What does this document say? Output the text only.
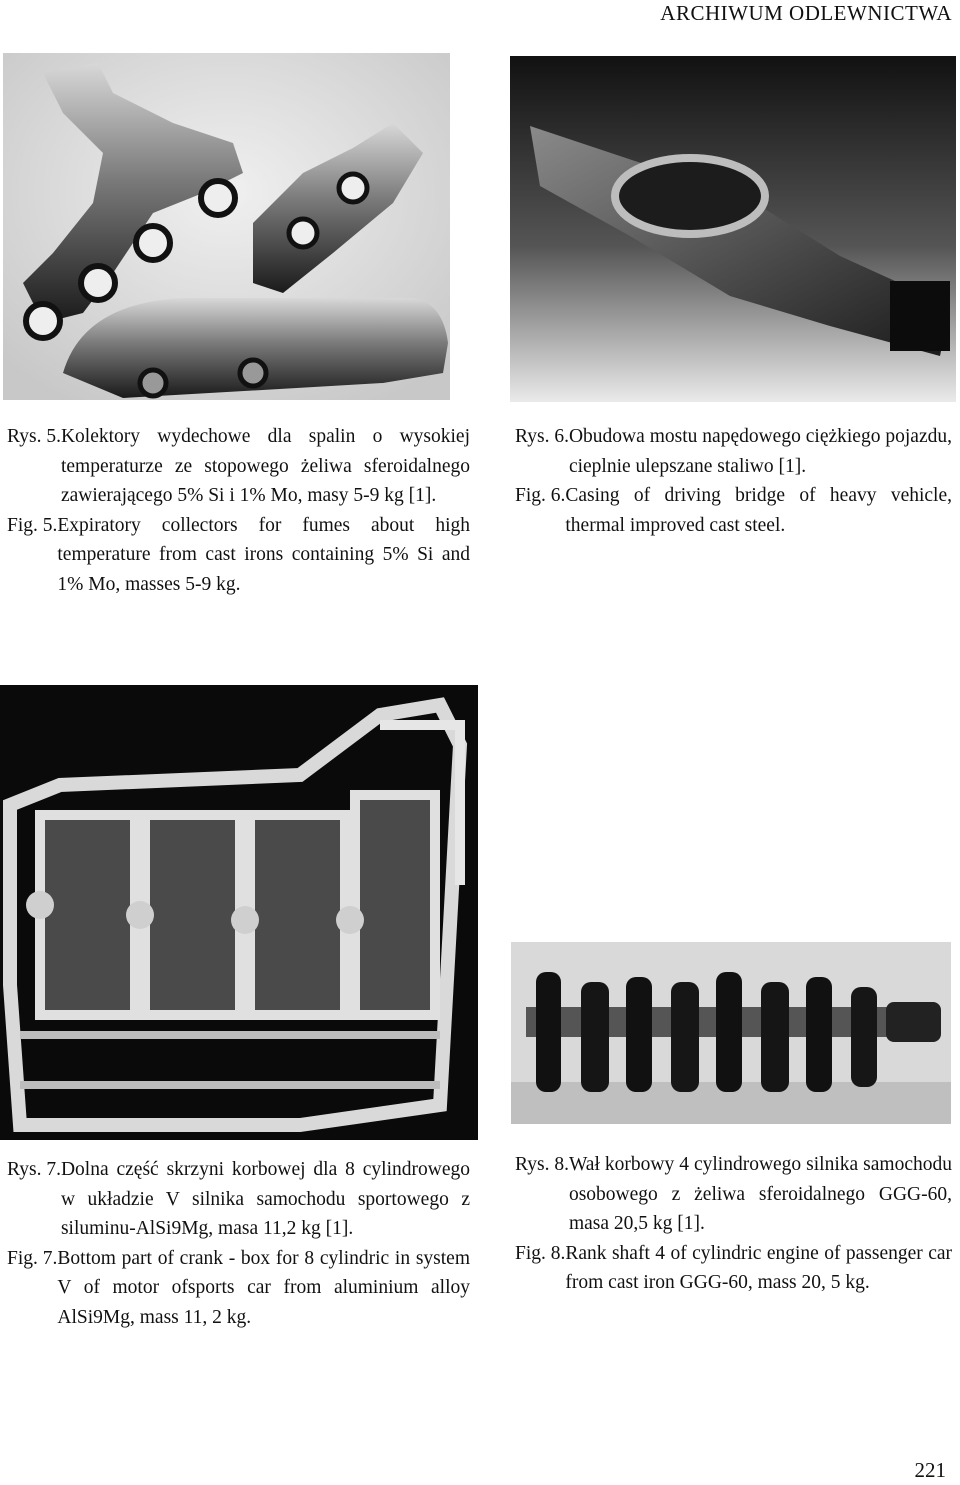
ARCHIWUM ODLEWNICTWA
Rys. 5. Kolektory wydechowe dla spalin o wysokiej temperaturze ze stopowego żeliwa sferoidalnego zawierającego 5% Si i 1% Mo, masy 5-9 kg [1].
Fig. 5. Expiratory collectors for fumes about high temperature from cast irons containing 5% Si and 1% Mo, masses 5-9 kg.
Rys. 6. Obudowa mostu napędowego ciężkiego pojazdu, cieplnie ulepszane staliwo [1].
Fig. 6. Casing of driving bridge of heavy vehicle, thermal improved cast steel.
Rys. 7. Dolna część skrzyni korbowej dla 8 cylindrowego w układzie V silnika samochodu sportowego z siluminu-AlSi9Mg, masa 11,2 kg [1].
Fig. 7. Bottom part of crank - box for 8 cylindric in system V of motor ofsports car from aluminium alloy AlSi9Mg, mass 11, 2 kg.
Rys. 8. Wał korbowy 4 cylindrowego silnika samochodu osobowego z żeliwa sferoidalnego GGG-60, masa 20,5 kg [1].
Fig. 8. Rank shaft 4 of cylindric engine of passenger car from cast iron GGG-60, mass 20, 5 kg.
221
